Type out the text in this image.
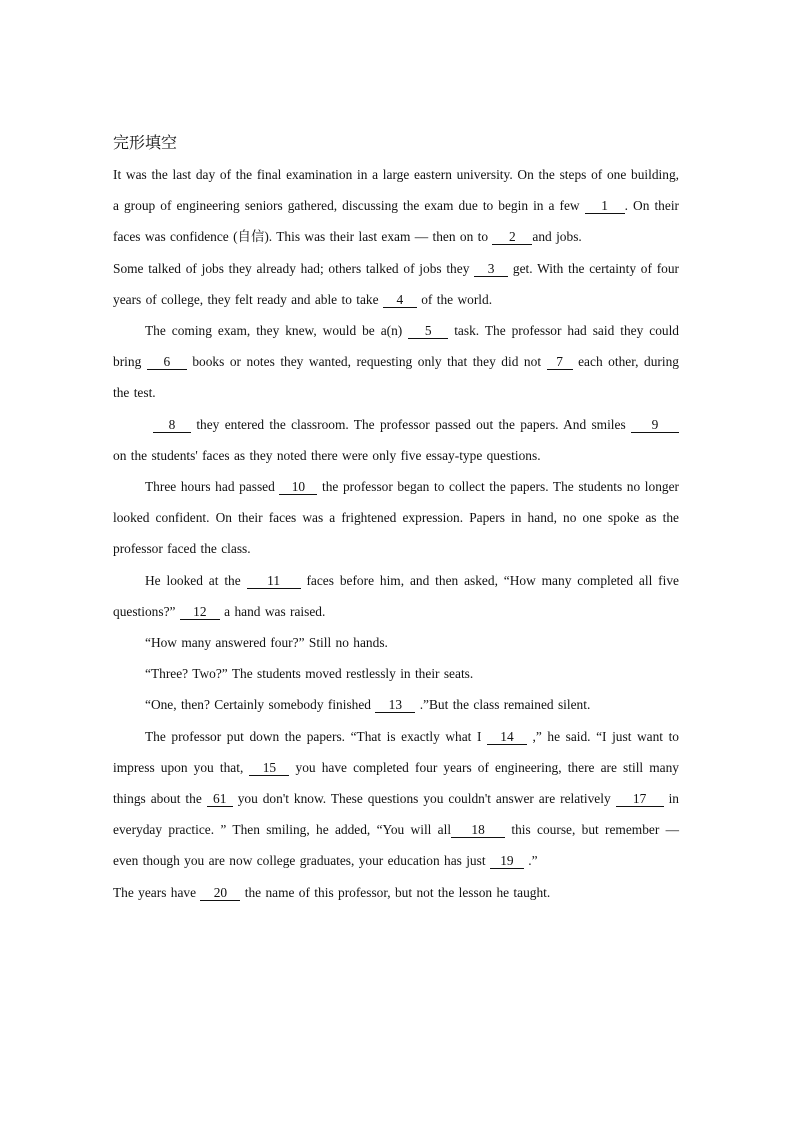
完形填空

It was the last day of the final examination in a large eastern university. On the steps of one building, a group of engineering seniors gathered, discussing the exam due to begin in a few 1 . On their faces was confidence (自信). This was their last exam — then on to 2 and jobs.

Some talked of jobs they already had; others talked of jobs they 3 get. With the certainty of four years of college, they felt ready and able to take 4 of the world.

The coming exam, they knew, would be a(n) 5 task. The professor had said they could bring 6 books or notes they wanted, requesting only that they did not 7 each other, during the test.

8 they entered the classroom. The professor passed out the papers. And smiles 9 on the students' faces as they noted there were only five essay-type questions.

Three hours had passed 10 the professor began to collect the papers. The students no longer looked confident. On their faces was a frightened expression. Papers in hand, no one spoke as the professor faced the class.

He looked at the 11 faces before him, and then asked, “How many completed all five questions?” 12 a hand was raised.

“How many answered four?” Still no hands.

“Three? Two?” The students moved restlessly in their seats.

“One, then? Certainly somebody finished 13 .”But the class remained silent.

The professor put down the papers. “That is exactly what I 14 ,” he said. “I just want to impress upon you that, 15 you have completed four years of engineering, there are still many things about the 61 you don't know. These questions you couldn't answer are relatively 17 in everyday practice. ” Then smiling, he added, “You will all 18 this course, but remember — even though you are now college graduates, your education has just 19 .”

The years have 20 the name of this professor, but not the lesson he taught.
